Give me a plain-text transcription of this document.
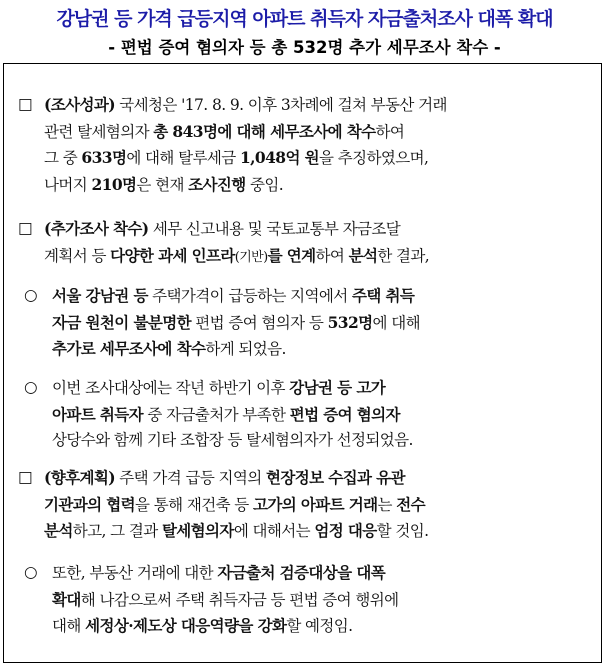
강남권 등 가격 급등지역 아파트 취득자 자금출처조사 대폭 확대
- 편법 증여 혐의자 등 총 532명 추가 세무조사 착수 -
□ (조사성과) 국세청은 '17. 8. 9. 이후 3차례에 걸쳐 부동산 거래
관련 탈세혐의자 총 843명에 대해 세무조사에 착수하여
그 중 633명에 대해 탈루세금 1,048억 원을 추징하였으며,
나머지 210명은 현재 조사진행 중임.
□ (추가조사 착수) 세무 신고내용 및 국토교통부 자금조달
계획서 등 다양한 과세 인프라(기반)를 연계하여 분석한 결과,
○ 서울 강남권 등 주택가격이 급등하는 지역에서 주택 취득
자금 원천이 불분명한 편법 증여 혐의자 등 532명에 대해
추가로 세무조사에 착수하게 되었음.
○ 이번 조사대상에는 작년 하반기 이후 강남권 등 고가
아파트 취득자 중 자금출처가 부족한 편법 증여 혐의자
상당수와 함께 기타 조합장 등 탈세혐의자가 선정되었음.
□ (향후계획) 주택 가격 급등 지역의 현장정보 수집과 유관
기관과의 협력을 통해 재건축 등 고가의 아파트 거래는 전수
분석하고, 그 결과 탈세혐의자에 대해서는 엄정 대응할 것임.
○ 또한, 부동산 거래에 대한 자금출처 검증대상을 대폭
확대해 나감으로써 주택 취득자금 등 편법 증여 행위에
대해 세정상·제도상 대응역량을 강화할 예정임.
